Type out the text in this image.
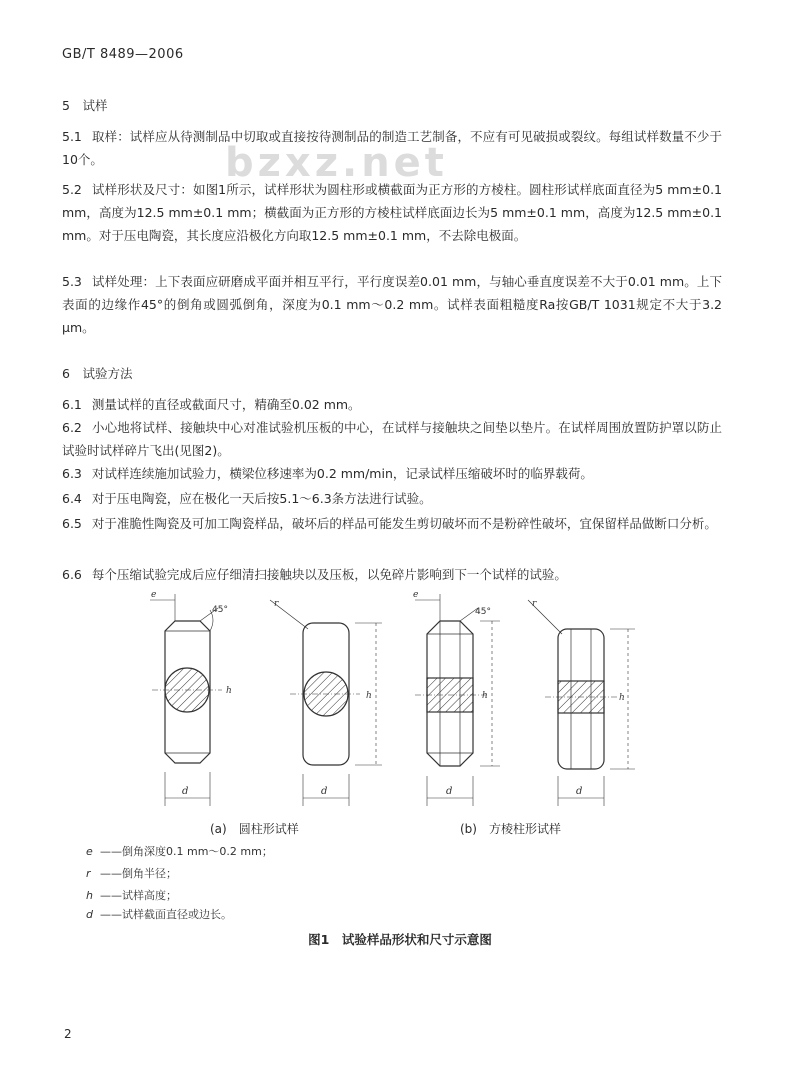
GB/T 8489—2006
bzxz.net
5　试样
5.1 取样：试样应从待测制品中切取或直接按待测制品的制造工艺制备，不应有可见破损或裂纹。每组试样数量不少于10个。
5.2 试样形状及尺寸：如图1所示，试样形状为圆柱形或横截面为正方形的方棱柱。圆柱形试样底面直径为5 mm±0.1 mm，高度为12.5 mm±0.1 mm；横截面为正方形的方棱柱试样底面边长为5 mm±0.1 mm，高度为12.5 mm±0.1 mm。对于压电陶瓷，其长度应沿极化方向取12.5 mm±0.1 mm，不去除电极面。
5.3 试样处理：上下表面应研磨成平面并相互平行，平行度误差0.01 mm，与轴心垂直度误差不大于0.01 mm。上下表面的边缘作45°的倒角或圆弧倒角，深度为0.1 mm～0.2 mm。试样表面粗糙度Ra按GB/T 1031规定不大于3.2 μm。
6　试验方法
6.1 测量试样的直径或截面尺寸，精确至0.02 mm。
6.2 小心地将试样、接触块中心对准试验机压板的中心，在试样与接触块之间垫以垫片。在试样周围放置防护罩以防止试验时试样碎片飞出(见图2)。
6.3 对试样连续施加试验力，横梁位移速率为0.2 mm/min，记录试样压缩破坏时的临界载荷。
6.4 对于压电陶瓷，应在极化一天后按5.1～6.3条方法进行试验。
6.5 对于准脆性陶瓷及可加工陶瓷样品，破坏后的样品可能发生剪切破坏而不是粉碎性破坏，宜保留样品做断口分析。
6.6 每个压缩试验完成后应仔细清扫接触块以及压板，以免碎片影响到下一个试样的试验。
45°
e
h
d
r
h
d
45°
e
h
d
r
h
d
(a)　圆柱形试样	(b)　方棱柱形试样
e ——倒角深度0.1 mm～0.2 mm；
r ——倒角半径；
h ——试样高度；
d ——试样截面直径或边长。
图1　试验样品形状和尺寸示意图
2
